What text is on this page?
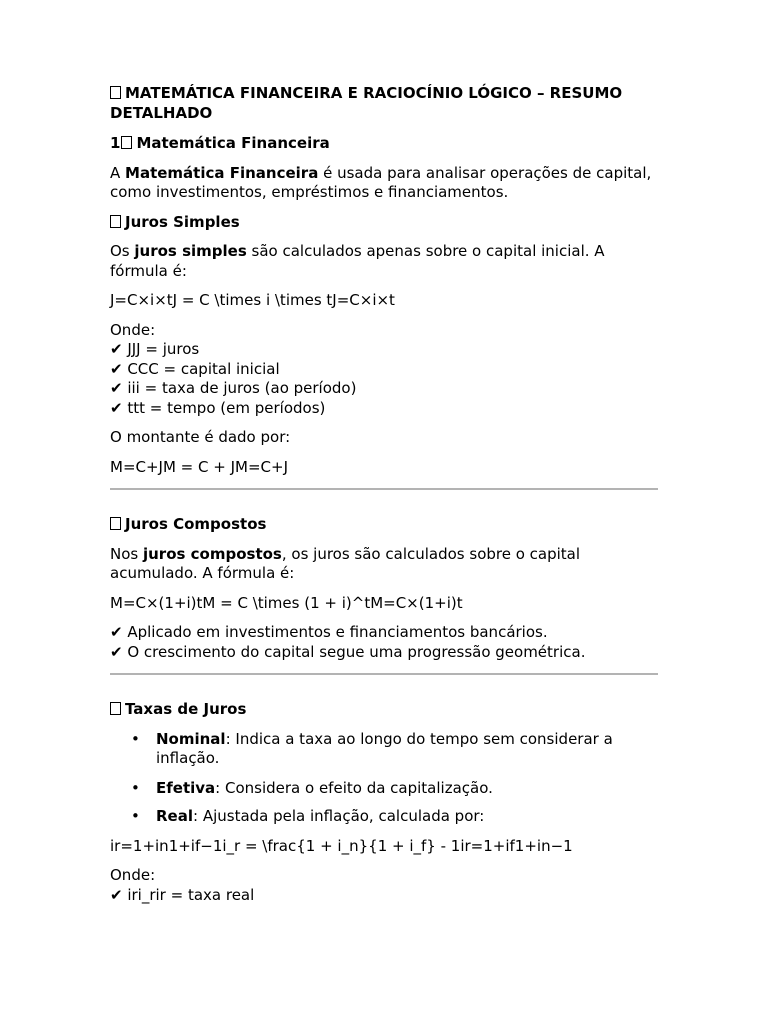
MATEMÁTICA FINANCEIRA E RACIOCÍNIO LÓGICO – RESUMO DETALHADO

1 Matemática Financeira

A Matemática Financeira é usada para analisar operações de capital, como investimentos, empréstimos e financiamentos.

Juros Simples

Os juros simples são calculados apenas sobre o capital inicial. A fórmula é:

J=C×i×tJ = C \times i \times tJ=C×i×t

Onde:

✔ JJJ = juros

✔ CCC = capital inicial

✔ iii = taxa de juros (ao período)

✔ ttt = tempo (em períodos)

O montante é dado por:

M=C+JM = C + JM=C+J

Juros Compostos

Nos juros compostos, os juros são calculados sobre o capital acumulado. A fórmula é:

M=C×(1+i)tM = C \times (1 + i)^tM=C×(1+i)t

✔ Aplicado em investimentos e financiamentos bancários.

✔ O crescimento do capital segue uma progressão geométrica.

Taxas de Juros

• Nominal: Indica a taxa ao longo do tempo sem considerar a inflação.
• Efetiva: Considera o efeito da capitalização.
• Real: Ajustada pela inflação, calculada por:

ir=1+in1+if−1i_r = \frac{1 + i_n}{1 + i_f} - 1ir=1+if1+in−1

Onde:

✔ iri_rir = taxa real
